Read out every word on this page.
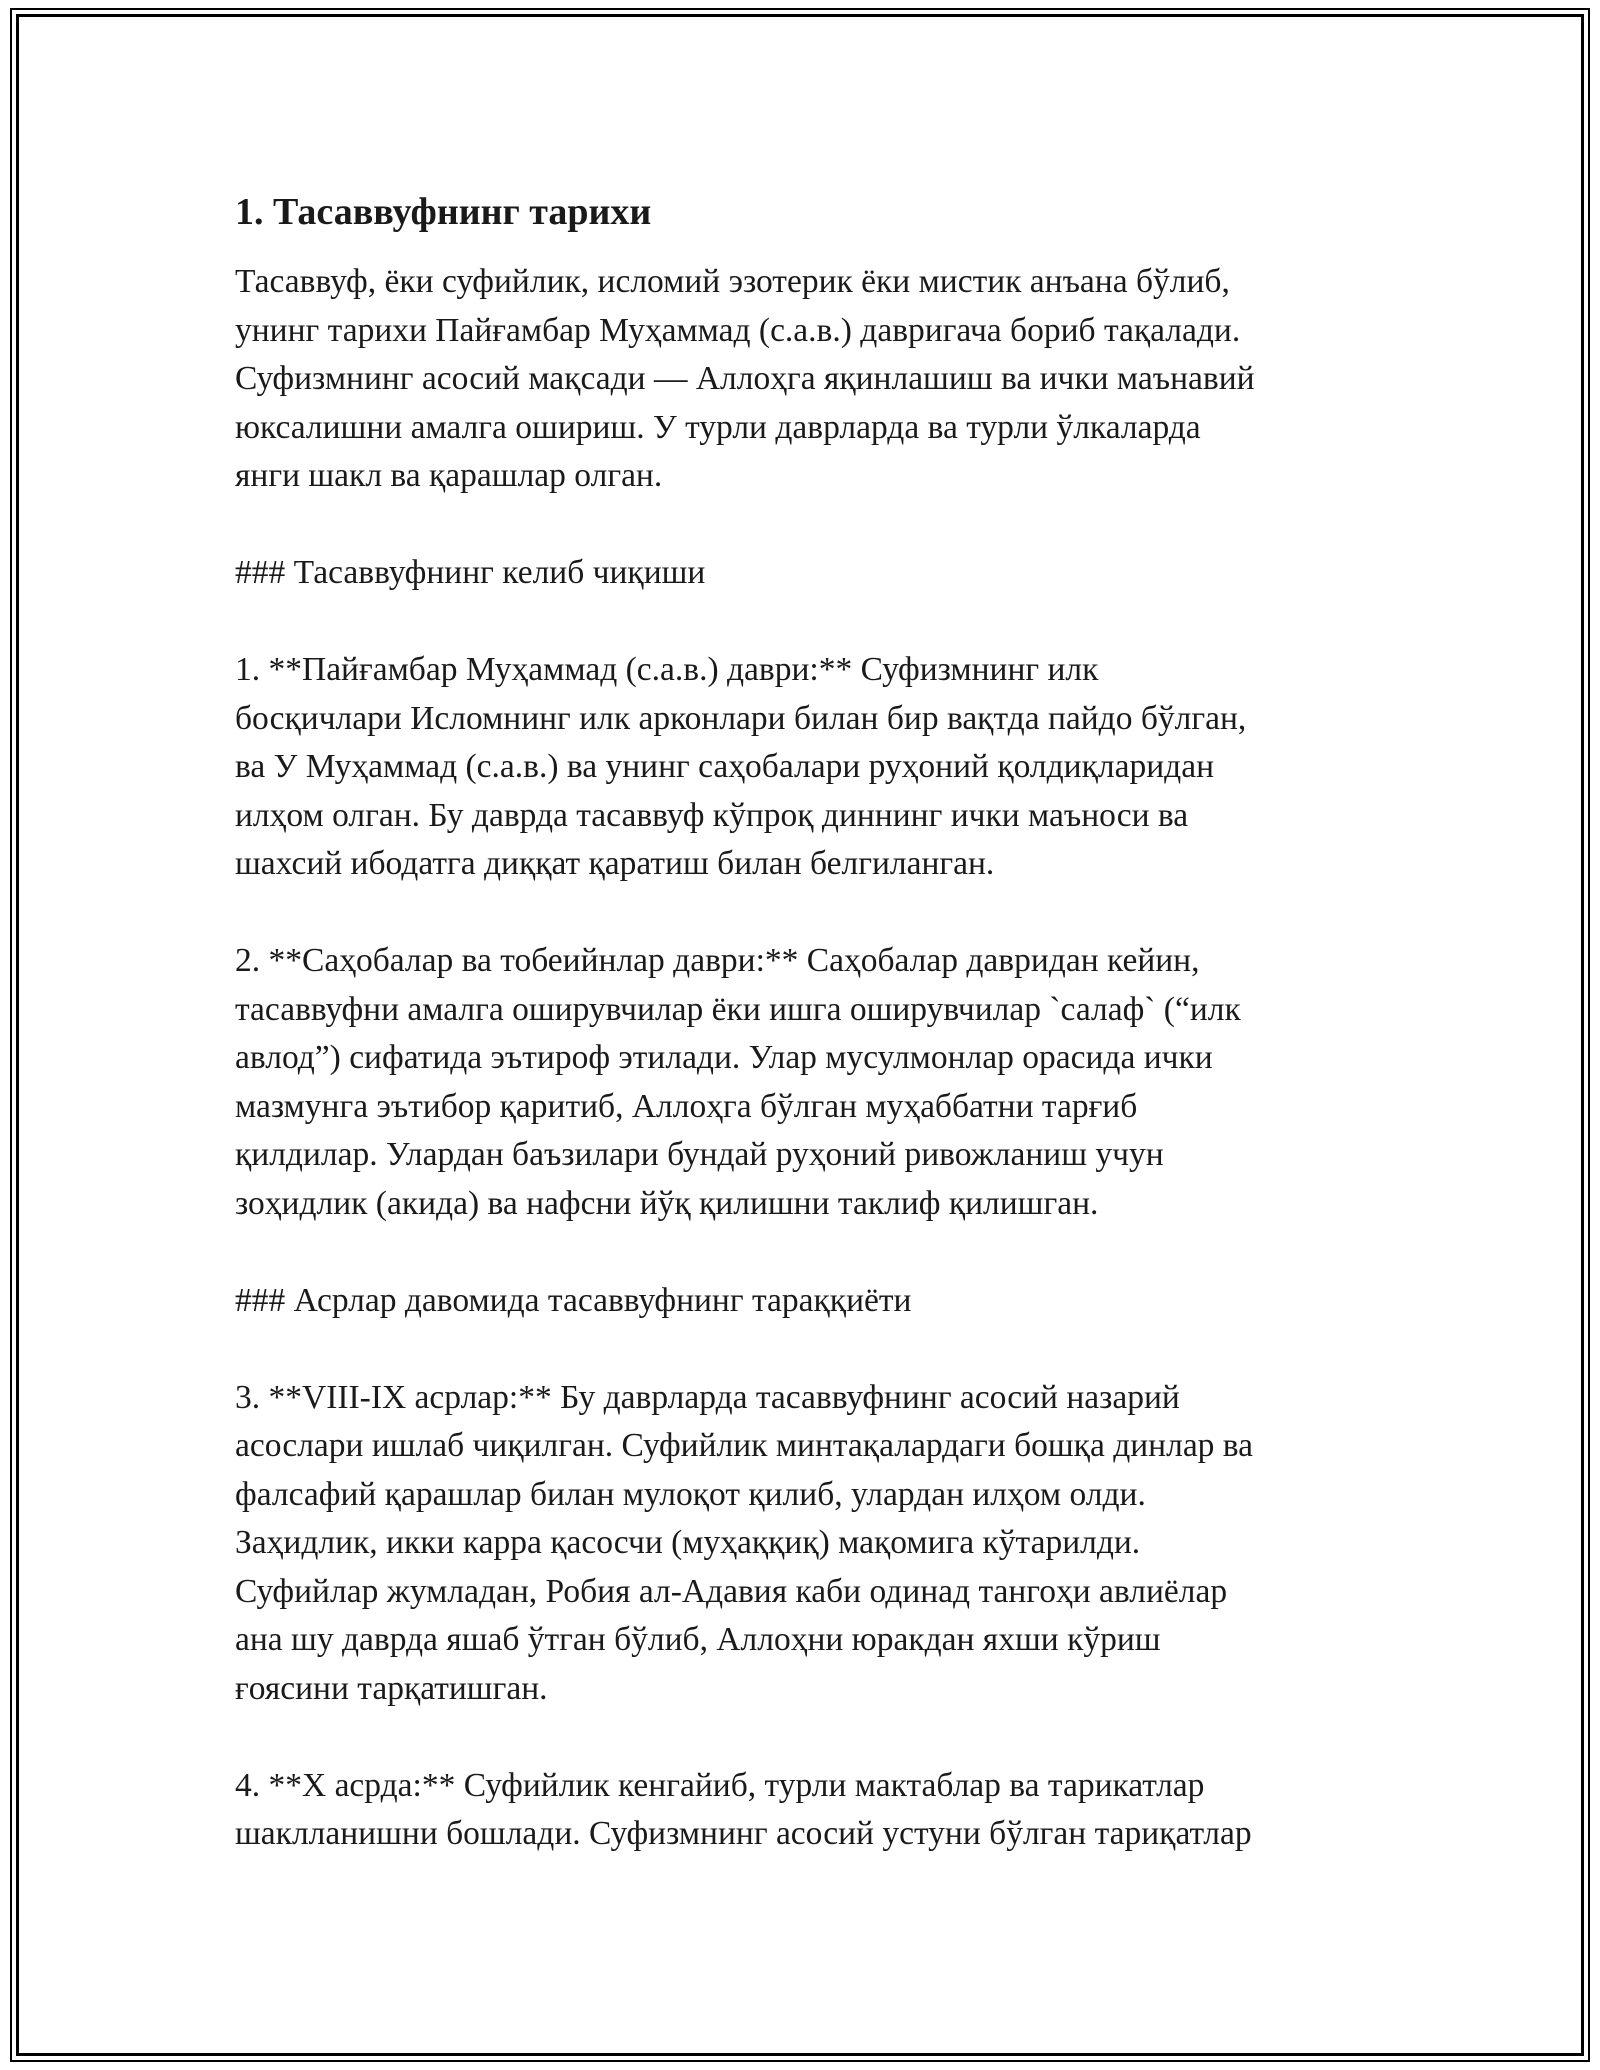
1. Тасаввуфнинг тарихи

Тасаввуф, ёки суфийлик, исломий эзотерик ёки мистик анъана бўлиб,
унинг тарихи Пайғамбар Муҳаммад (с.а.в.) давригача бориб тақалади.
Суфизмнинг асосий мақсади — Аллоҳга яқинлашиш ва ички маънавий
юксалишни амалга ошириш. У турли даврларда ва турли ўлкаларда
янги шакл ва қарашлар олган.

### Тасаввуфнинг келиб чиқиши

1. **Пайғамбар Муҳаммад (с.а.в.) даври:** Суфизмнинг илк
босқичлари Исломнинг илк арконлари билан бир вақтда пайдо бўлган,
ва У Муҳаммад (с.а.в.) ва унинг саҳобалари руҳоний қолдиқларидан
илҳом олган. Бу даврда тасаввуф кўпроқ диннинг ички маъноси ва
шахсий ибодатга диққат қаратиш билан белгиланган.

2. **Саҳобалар ва тобеийнлар даври:** Саҳобалар давридан кейин,
тасаввуфни амалга оширувчилар ёки ишга оширувчилар `салаф` (“илк
авлод”) сифатида эътироф этилади. Улар мусулмонлар орасида ички
мазмунга эътибор қаритиб, Аллоҳга бўлган муҳаббатни тарғиб
қилдилар. Улардан баъзилари бундай руҳоний ривожланиш учун
зоҳидлик (акида) ва нафсни йўқ қилишни таклиф қилишган.

### Асрлар давомида тасаввуфнинг тараққиёти

3. **VIII-IX асрлар:** Бу даврларда тасаввуфнинг асосий назарий
асослари ишлаб чиқилган. Суфийлик минтақалардаги бошқа динлар ва
фалсафий қарашлар билан мулоқот қилиб, улардан илҳом олди.
Заҳидлик, икки карра қасосчи (муҳаққиқ) мақомига кўтарилди.
Суфийлар жумладан, Робия ал-Адавия каби одинад тангоҳи авлиёлар
ана шу даврда яшаб ўтган бўлиб, Аллоҳни юракдан яхши кўриш
ғоясини тарқатишган.

4. **X асрда:** Суфийлик кенгайиб, турли мактаблар ва тарикатлар
шаклланишни бошлади. Суфизмнинг асосий устуни бўлган тариқатлар
